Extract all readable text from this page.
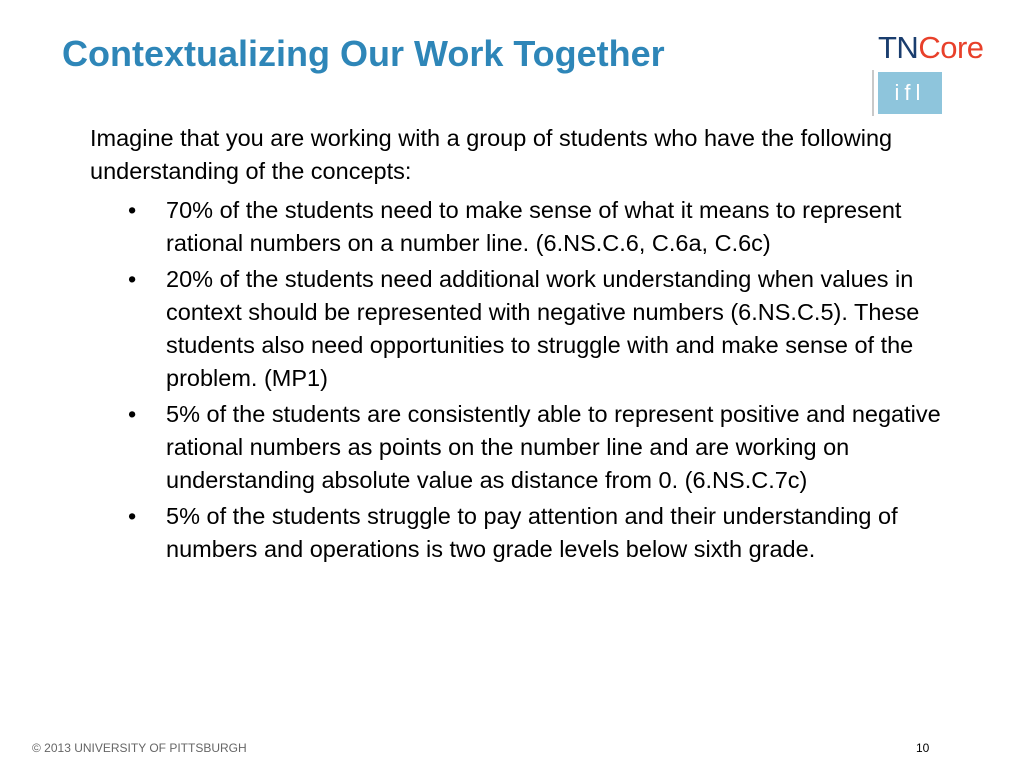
Contextualizing Our Work Together	TNCore
ifl

Imagine that you are working with a group of students who have the following understanding of the concepts:

• 70% of the students need to make sense of what it means to represent rational numbers on a number line. (6.NS.C.6, C.6a, C.6c)
• 20% of the students need additional work understanding when values in context should be represented with negative numbers (6.NS.C.5). These students also need opportunities to struggle with and make sense of the problem. (MP1)
• 5% of the students are consistently able to represent positive and negative rational numbers as points on the number line and are working on understanding absolute value as distance from 0. (6.NS.C.7c)
• 5% of the students struggle to pay attention and their understanding of numbers and operations is two grade levels below sixth grade.
© 2013 UNIVERSITY OF PITTSBURGH	10
